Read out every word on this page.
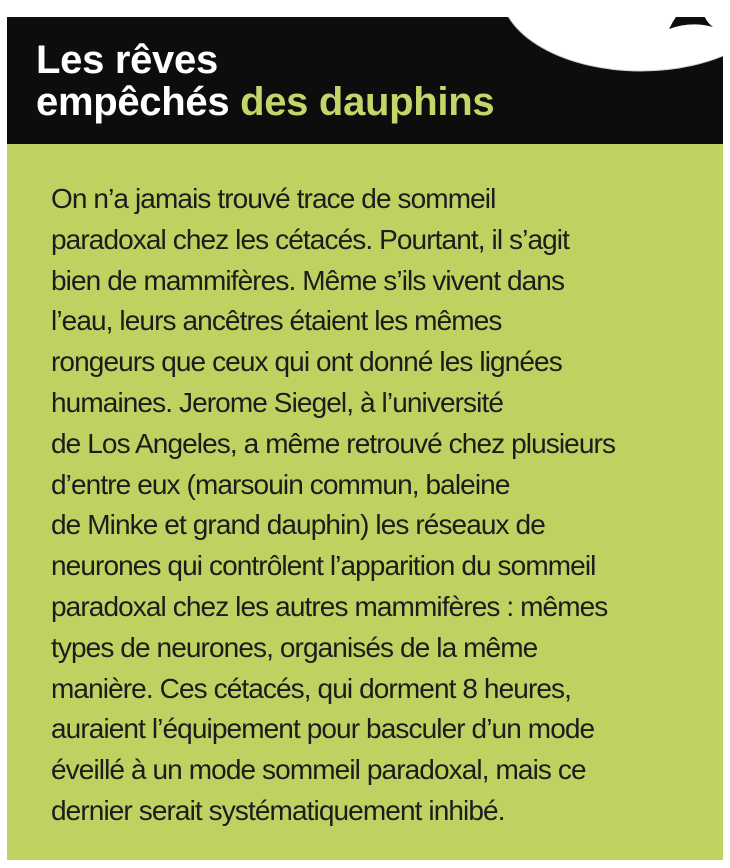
Les rêves
empêchés des dauphins

On n’a jamais trouvé trace de sommeil
paradoxal chez les cétacés. Pourtant, il s’agit
bien de mammifères. Même s’ils vivent dans
l’eau, leurs ancêtres étaient les mêmes
rongeurs que ceux qui ont donné les lignées
humaines. Jerome Siegel, à l’université
de Los Angeles, a même retrouvé chez plusieurs
d’entre eux (marsouin commun, baleine
de Minke et grand dauphin) les réseaux de
neurones qui contrôlent l’apparition du sommeil
paradoxal chez les autres mammifères : mêmes
types de neurones, organisés de la même
manière. Ces cétacés, qui dorment 8 heures,
auraient l’équipement pour basculer d’un mode
éveillé à un mode sommeil paradoxal, mais ce
dernier serait systématiquement inhibé.
